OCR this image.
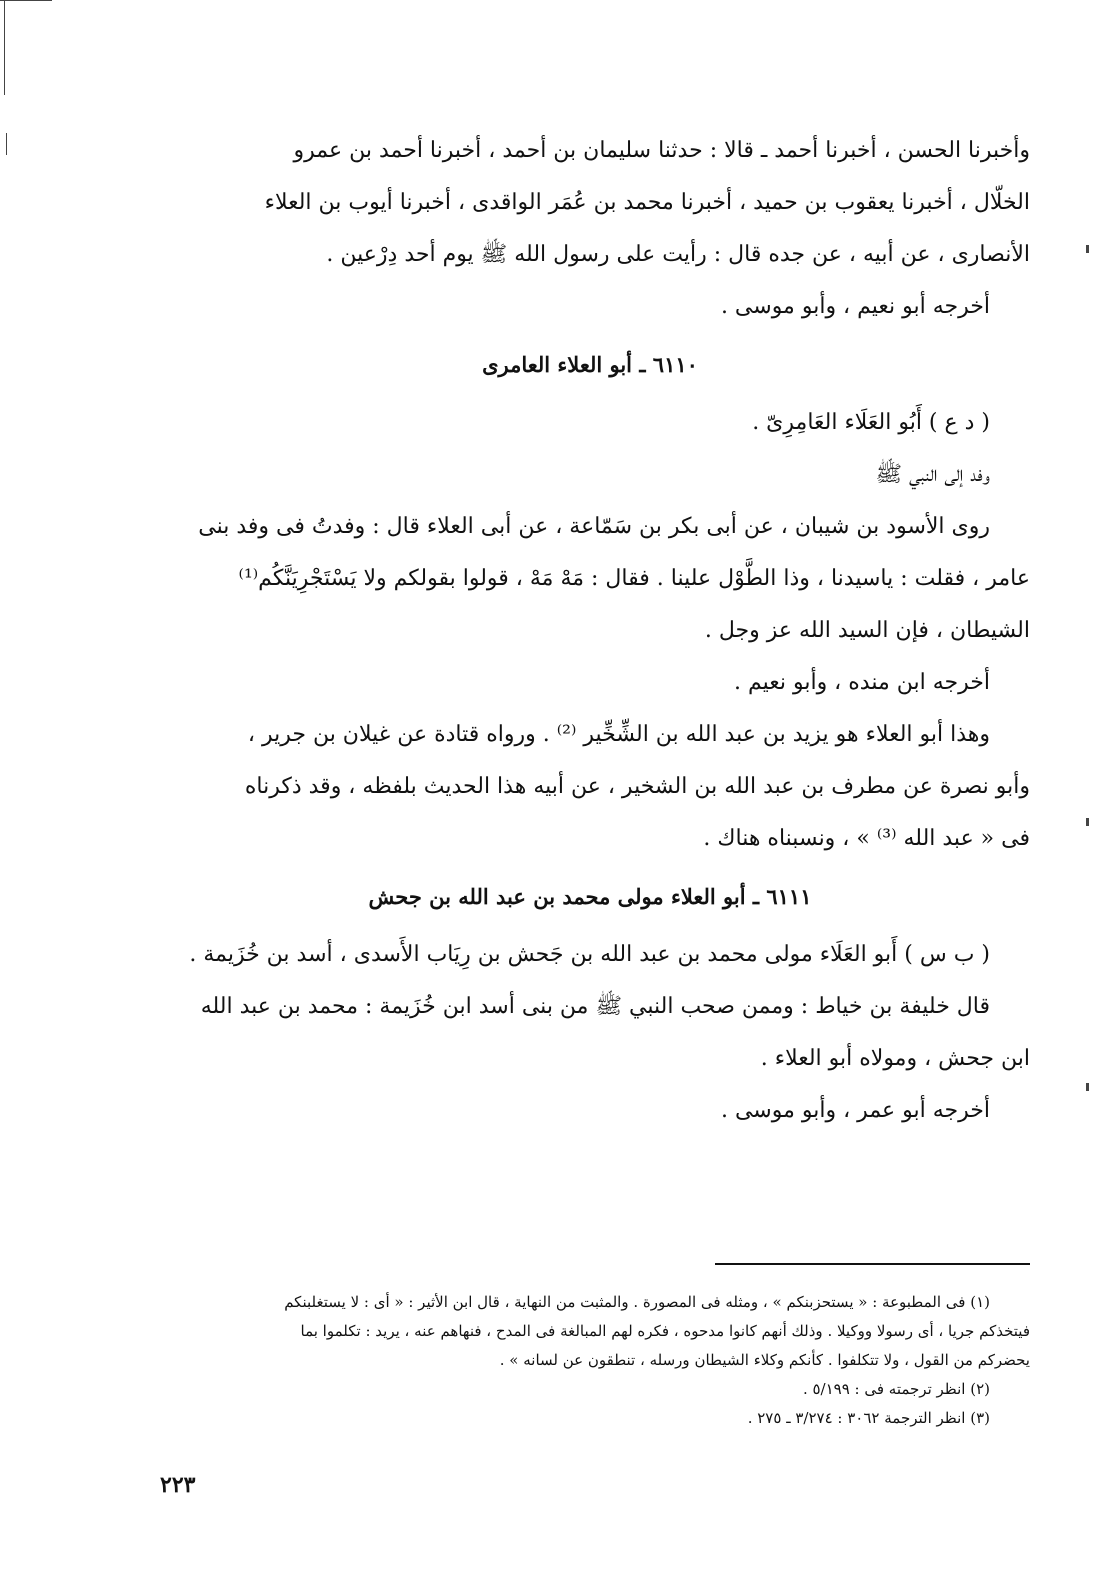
وأخبرنا الحسن ، أخبرنا أحمد ـ قالا : حدثنا سليمان بن أحمد ، أخبرنا أحمد بن عمرو

الخلّال ، أخبرنا يعقوب بن حميد ، أخبرنا محمد بن عُمَر الواقدى ، أخبرنا أيوب بن العلاء

الأنصارى ، عن أبيه ، عن جده قال : رأيت على رسول الله ﷺ يوم أحد دِرْعين .

أخرجه أبو نعيم ، وأبو موسى .

٦١١٠ ـ أبو العلاء العامرى

( د ع ) أَبُو العَلَاء العَامِرِىّ .

وفد إلى النبي ﷺ

روى الأسود بن شيبان ، عن أبى بكر بن سَمّاعة ، عن أبى العلاء قال : وفدتُ فى وفد بنى

عامر ، فقلت : ياسيدنا ، وذا الطَّوْل علينا . فقال : مَهْ مَهْ ، قولوا بقولكم ولا يَسْتَجْرِيَنَّكُم⁽¹⁾

الشيطان ، فإن السيد الله عز وجل .

أخرجه ابن منده ، وأبو نعيم .

وهذا أبو العلاء هو يزيد بن عبد الله بن الشِّخِّير ⁽²⁾ . ورواه قتادة عن غيلان بن جرير ،

وأبو نصرة عن مطرف بن عبد الله بن الشخير ، عن أبيه هذا الحديث بلفظه ، وقد ذكرناه

فى « عبد الله ⁽³⁾ » ، ونسبناه هناك .

٦١١١ ـ أبو العلاء مولى محمد بن عبد الله بن جحش

( ب س ) أَبو العَلَاء مولى محمد بن عبد الله بن جَحش بن رِيَاب الأَسدى ، أسد بن خُزَيمة .

قال خليفة بن خياط : وممن صحب النبي ﷺ من بنى أسد ابن خُزَيمة : محمد بن عبد الله

ابن جحش ، ومولاه أبو العلاء .

أخرجه أبو عمر ، وأبو موسى .

(١) فى المطبوعة : « يستحزبنكم » ، ومثله فى المصورة . والمثبت من النهاية ، قال ابن الأثير : « أى : لا يستغلبنكم

فيتخذكم جريا ، أى رسولا ووكيلا . وذلك أنهم كانوا مدحوه ، فكره لهم المبالغة فى المدح ، فنهاهم عنه ، يريد : تكلموا بما

يحضركم من القول ، ولا تتكلفوا . كأنكم وكلاء الشيطان ورسله ، تنطقون عن لسانه » .

(٢) انظر ترجمته فى : ٥/١٩٩ .

(٣) انظر الترجمة ٣٠٦٢ : ٣/٢٧٤ ـ ٢٧٥ .

٢٢٣
